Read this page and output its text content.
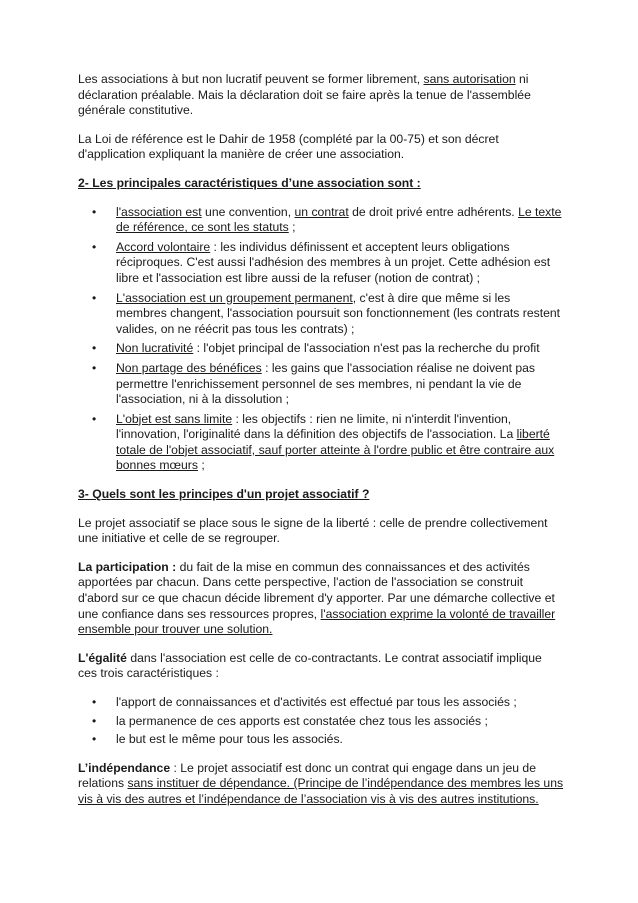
Les associations à but non lucratif peuvent se former librement, sans autorisation ni déclaration préalable. Mais la déclaration doit se faire après la tenue de l'assemblée générale constitutive.

La Loi de référence est le Dahir de 1958 (complété par la 00-75) et son décret d'application expliquant la manière de créer une association.

2- Les principales caractéristiques d’une association sont :
• l'association est une convention, un contrat de droit privé entre adhérents. Le texte de référence, ce sont les statuts ;
• Accord volontaire : les individus définissent et acceptent leurs obligations réciproques. C'est aussi l'adhésion des membres à un projet. Cette adhésion est libre et l'association est libre aussi de la refuser (notion de contrat) ;
• L'association est un groupement permanent, c'est à dire que même si les membres changent, l'association poursuit son fonctionnement (les contrats restent valides, on ne réécrit pas tous les contrats) ;
• Non lucrativité : l'objet principal de l'association n'est pas la recherche du profit
• Non partage des bénéfices : les gains que l'association réalise ne doivent pas permettre l'enrichissement personnel de ses membres, ni pendant la vie de l'association, ni à la dissolution ;
• L'objet est sans limite : les objectifs : rien ne limite, ni n'interdit l'invention, l'innovation, l'originalité dans la définition des objectifs de l'association. La liberté totale de l'objet associatif, sauf porter atteinte à l'ordre public et être contraire aux bonnes mœurs ;
3- Quels sont les principes d'un projet associatif ?

Le projet associatif se place sous le signe de la liberté : celle de prendre collectivement une initiative et celle de se regrouper.

La participation : du fait de la mise en commun des connaissances et des activités apportées par chacun. Dans cette perspective, l'action de l'association se construit d'abord sur ce que chacun décide librement d'y apporter. Par une démarche collective et une confiance dans ses ressources propres, l'association exprime la volonté de travailler ensemble pour trouver une solution.

L'égalité dans l'association est celle de co-contractants. Le contrat associatif implique ces trois caractéristiques :

• l'apport de connaissances et d'activités est effectué par tous les associés ;
• la permanence de ces apports est constatée chez tous les associés ;
• le but est le même pour tous les associés.

L’indépendance : Le projet associatif est donc un contrat qui engage dans un jeu de relations sans instituer de dépendance. (Principe de l’indépendance des membres les uns vis à vis des autres et l’indépendance de l’association vis à vis des autres institutions.
